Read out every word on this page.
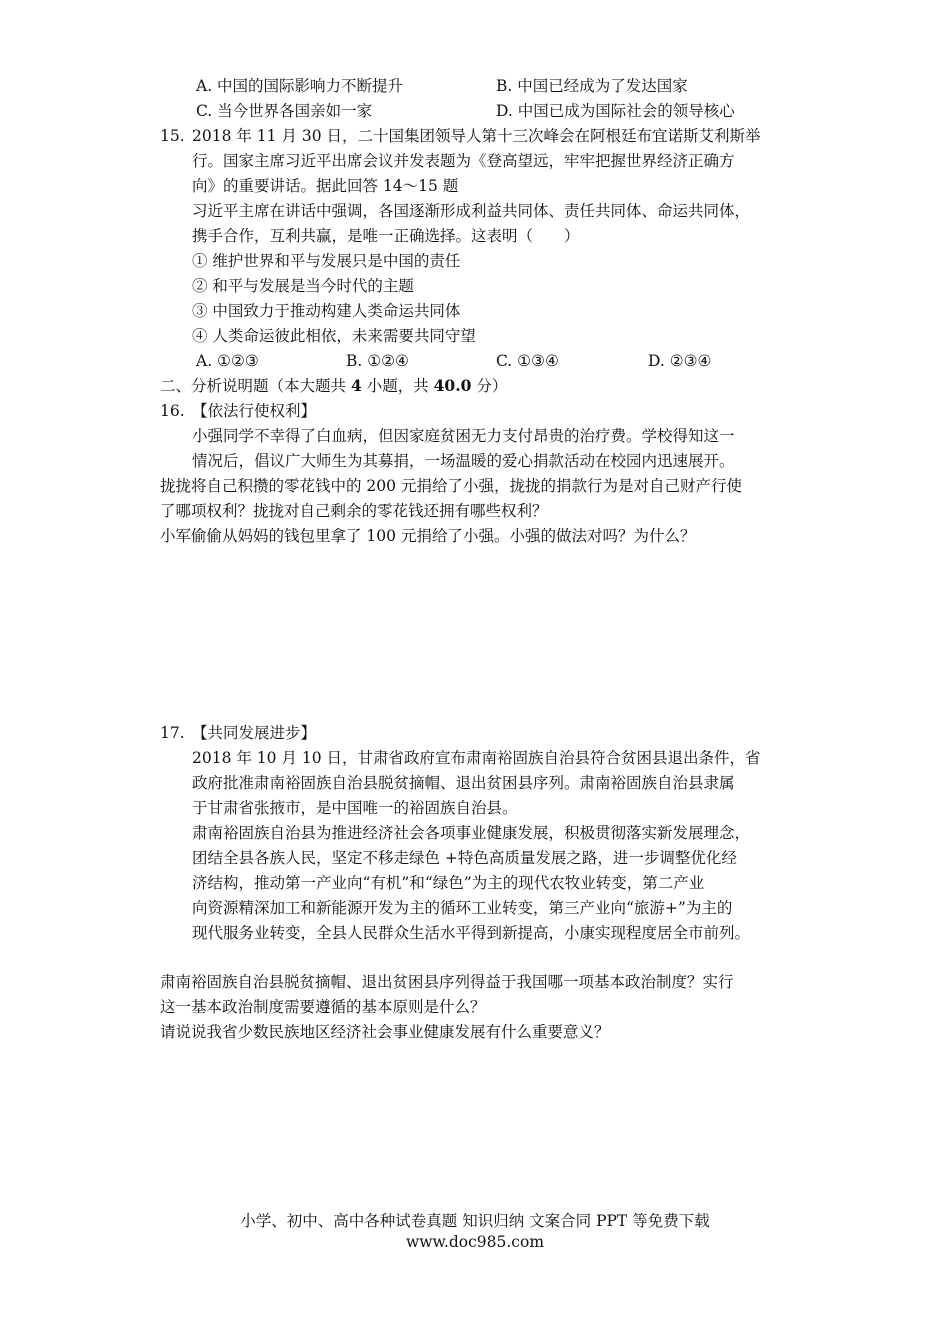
A. 中国的国际影响力不断提升	B. 中国已经成为了发达国家
C. 当今世界各国亲如一家	D. 中国已成为国际社会的领导核心
15. 2018 年 11 月 30 日，二十国集团领导人第十三次峰会在阿根廷布宜诺斯艾利斯举
行。国家主席习近平出席会议并发表题为《登高望远，牢牢把握世界经济正确方
向》的重要讲话。据此回答 14～15 题
习近平主席在讲话中强调，各国逐渐形成利益共同体、责任共同体、命运共同体，
携手合作，互利共赢，是唯一正确选择。这表明（　　）
① 维护世界和平与发展只是中国的责任
② 和平与发展是当今时代的主题
③ 中国致力于推动构建人类命运共同体
④ 人类命运彼此相依，未来需要共同守望
A. ①②③	B. ①②④	C. ①③④	D. ②③④
二、分析说明题（本大题共 4 小题，共 40.0 分）
16. 【依法行使权利】
小强同学不幸得了白血病，但因家庭贫困无力支付昂贵的治疗费。学校得知这一
情况后，倡议广大师生为其募捐，一场温暖的爱心捐款活动在校园内迅速展开。
拢拢将自己积攒的零花钱中的 200 元捐给了小强，拢拢的捐款行为是对自己财产行使
了哪项权利？拢拢对自己剩余的零花钱还拥有哪些权利？
小军偷偷从妈妈的钱包里拿了 100 元捐给了小强。小强的做法对吗？为什么？
17. 【共同发展进步】
2018 年 10 月 10 日，甘肃省政府宣布肃南裕固族自治县符合贫困县退出条件，省
政府批准肃南裕固族自治县脱贫摘帽、退出贫困县序列。肃南裕固族自治县隶属
于甘肃省张掖市，是中国唯一的裕固族自治县。
肃南裕固族自治县为推进经济社会各项事业健康发展，积极贯彻落实新发展理念，
团结全县各族人民，坚定不移走绿色 +特色高质量发展之路，进一步调整优化经
济结构，推动第一产业向“有机”和“绿色”为主的现代农牧业转变，第二产业
向资源精深加工和新能源开发为主的循环工业转变，第三产业向“旅游+”为主的
现代服务业转变，全县人民群众生活水平得到新提高，小康实现程度居全市前列。
肃南裕固族自治县脱贫摘帽、退出贫困县序列得益于我国哪一项基本政治制度？实行
这一基本政治制度需要遵循的基本原则是什么？
请说说我省少数民族地区经济社会事业健康发展有什么重要意义？
小学、初中、高中各种试卷真题 知识归纳 文案合同 PPT 等免费下载
www.doc985.com
